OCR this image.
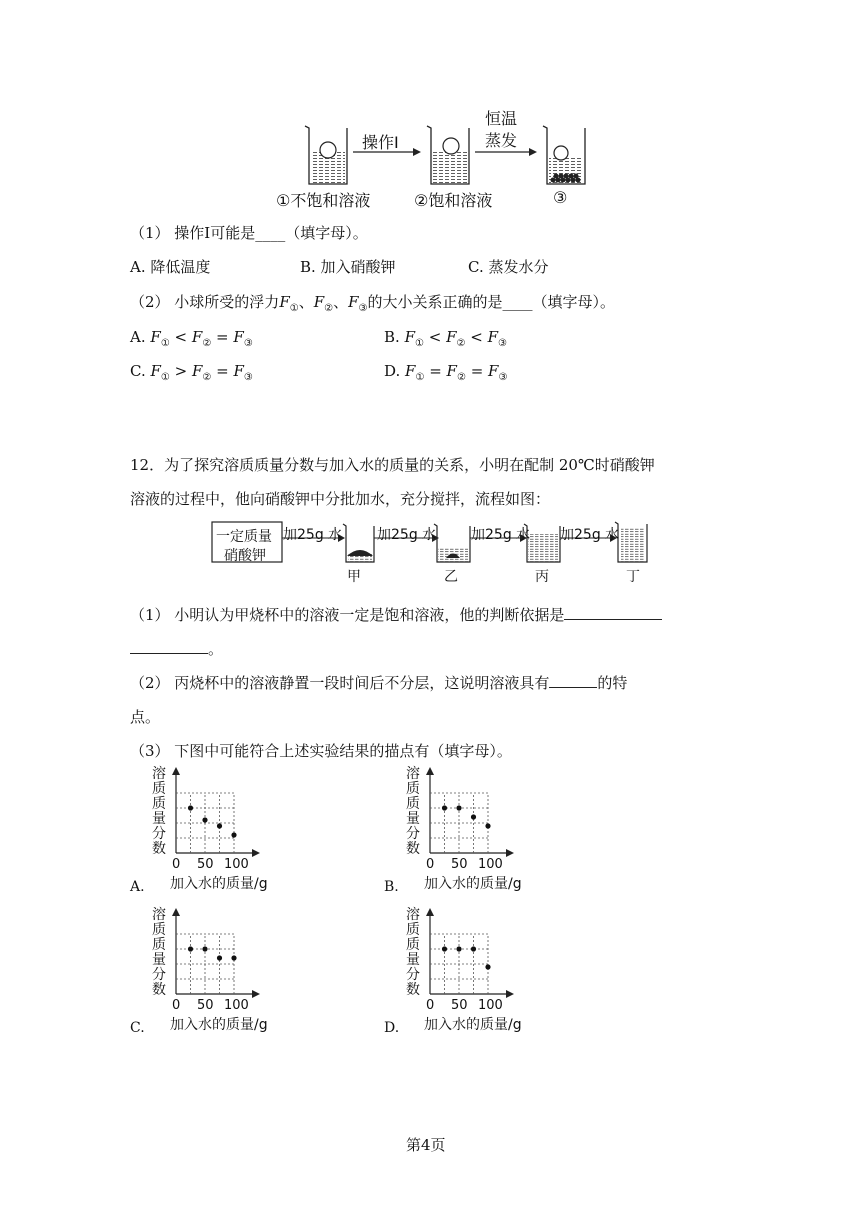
操作Ⅰ
恒温
蒸发
①不饱和溶液	②饱和溶液	③
（1） 操作Ⅰ可能是____（填字母）。
A. 降低温度	B. 加入硝酸钾	C. 蒸发水分
（2） 小球所受的浮力$F_①$、$F_②$、$F_③$的大小关系正确的是____（填字母）。
A. $F_① < F_② = F_③$	B. $F_① < F_② < F_③$
C. $F_① > F_② = F_③$	D. $F_① = F_② = F_③$
12．为了探究溶质质量分数与加入水的质量的关系，小明在配制 20℃时硝酸钾
溶液的过程中，他向硝酸钾中分批加水，充分搅拌，流程如图：
一定质量
硝酸钾
加25g 水 加25g 水 加25g 水 加25g 水
甲	乙	丙	丁
（1） 小明认为甲烧杯中的溶液一定是饱和溶液，他的判断依据是
。
（2） 丙烧杯中的溶液静置一段时间后不分层，这说明溶液具有	的特
点。
（3） 下图中可能符合上述实验结果的描点有（填字母）。
溶
质
质
量
分
数
0 50 100
加入水的质量/g
A.
溶
质
质
量
分
数
0 50 100
加入水的质量/g
B.
溶
质
质
量
分
数
0 50 100
加入水的质量/g
C.
溶
质
质
量
分
数
0 50 100
加入水的质量/g
D.
第4页
